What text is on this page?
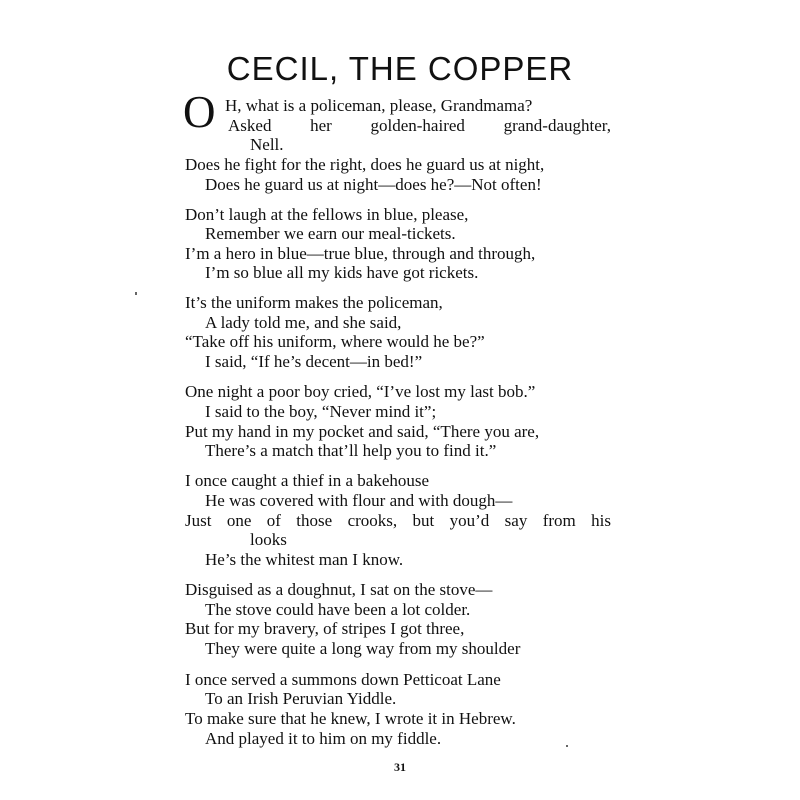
CECIL, THE COPPER
O H, what is a policeman, please, Grandmama?
Asked her golden-haired grand-daughter,
Nell.
Does he fight for the right, does he guard us at night,
Does he guard us at night—does he?—Not often!
Don’t laugh at the fellows in blue, please,
Remember we earn our meal-tickets.
I’m a hero in blue—true blue, through and through,
I’m so blue all my kids have got rickets.
It’s the uniform makes the policeman,
A lady told me, and she said,
“Take off his uniform, where would he be?”
I said, “If he’s decent—in bed!”
One night a poor boy cried, “I’ve lost my last bob.”
I said to the boy, “Never mind it”;
Put my hand in my pocket and said, “There you are,
There’s a match that’ll help you to find it.”
I once caught a thief in a bakehouse
He was covered with flour and with dough—
Just one of those crooks, but you’d say from his
looks
He’s the whitest man I know.
Disguised as a doughnut, I sat on the stove—
The stove could have been a lot colder.
But for my bravery, of stripes I got three,
They were quite a long way from my shoulder
I once served a summons down Petticoat Lane
To an Irish Peruvian Yiddle.
To make sure that he knew, I wrote it in Hebrew.
And played it to him on my fiddle.
31
